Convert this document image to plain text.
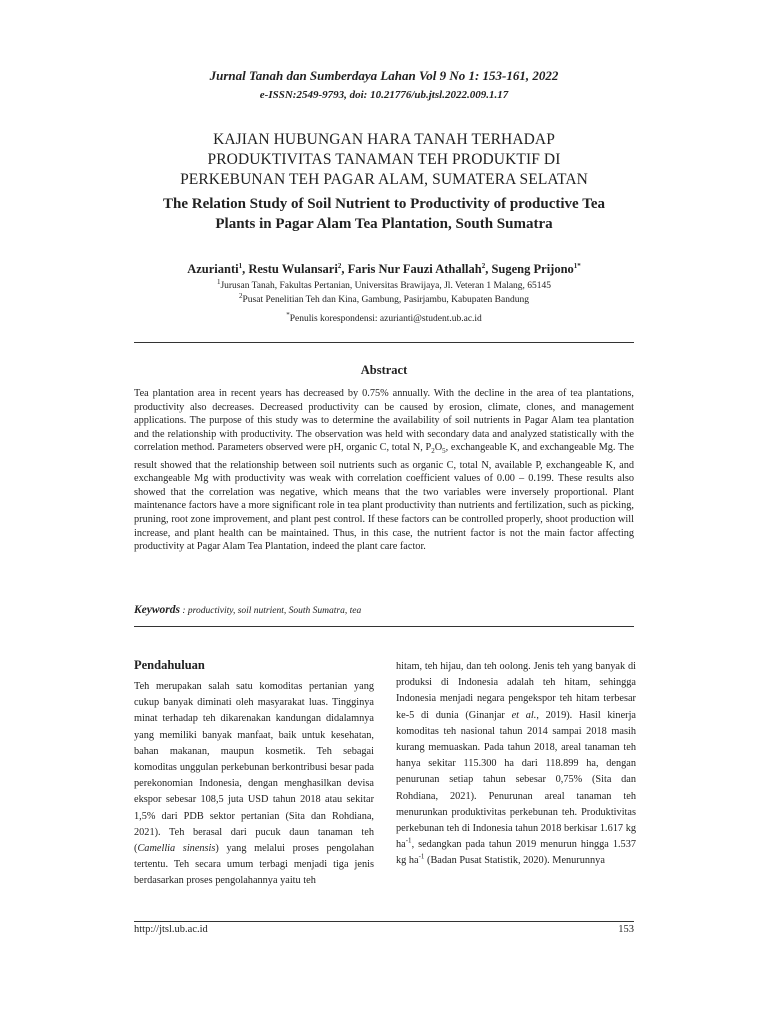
Jurnal Tanah dan Sumberdaya Lahan Vol 9 No 1: 153-161, 2022
e-ISSN:2549-9793, doi: 10.21776/ub.jtsl.2022.009.1.17
KAJIAN HUBUNGAN HARA TANAH TERHADAP
PRODUKTIVITAS TANAMAN TEH PRODUKTIF DI
PERKEBUNAN TEH PAGAR ALAM, SUMATERA SELATAN
The Relation Study of Soil Nutrient to Productivity of productive Tea
Plants in Pagar Alam Tea Plantation, South Sumatra
Azurianti$^1$, Restu Wulansari$^2$, Faris Nur Fauzi Athallah$^2$, Sugeng Prijono$^{1*}$
$^1$Jurusan Tanah, Fakultas Pertanian, Universitas Brawijaya, Jl. Veteran 1 Malang, 65145
$^2$Pusat Penelitian Teh dan Kina, Gambung, Pasirjambu, Kabupaten Bandung
*Penulis korespondensi: azurianti@student.ub.ac.id
Abstract
Tea plantation area in recent years has decreased by 0.75% annually. With the decline in the area of tea plantations, productivity also decreases. Decreased productivity can be caused by erosion, climate, clones, and management applications. The purpose of this study was to determine the availability of soil nutrients in Pagar Alam tea plantation and the relationship with productivity. The observation was held with secondary data and analyzed statistically with the correlation method. Parameters observed were pH, organic C, total N, $P_2O_5$, exchangeable K, and exchangeable Mg. The result showed that the relationship between soil nutrients such as organic C, total N, available P, exchangeable K, and exchangeable Mg with productivity was weak with correlation coefficient values of 0.00 – 0.199. These results also showed that the correlation was negative, which means that the two variables were inversely proportional. Plant maintenance factors have a more significant role in tea plant productivity than nutrients and fertilization, such as picking, pruning, root zone improvement, and plant pest control. If these factors can be controlled properly, shoot production will increase, and plant health can be maintained. Thus, in this case, the nutrient factor is not the main factor affecting productivity at Pagar Alam Tea Plantation, indeed the plant care factor.
Keywords : productivity, soil nutrient, South Sumatra, tea
Pendahuluan
Teh merupakan salah satu komoditas pertanian yang cukup banyak diminati oleh masyarakat luas. Tingginya minat terhadap teh dikarenakan kandungan didalamnya yang memiliki banyak manfaat, baik untuk kesehatan, bahan makanan, maupun kosmetik. Teh sebagai komoditas unggulan perkebunan berkontribusi besar pada perekonomian Indonesia, dengan menghasilkan devisa ekspor sebesar 108,5 juta USD tahun 2018 atau sekitar 1,5% dari PDB sektor pertanian (Sita dan Rohdiana, 2021). Teh berasal dari pucuk daun tanaman teh (Camellia sinensis) yang melalui proses pengolahan tertentu. Teh secara umum terbagi menjadi tiga jenis berdasarkan proses pengolahannya yaitu teh
hitam, teh hijau, dan teh oolong. Jenis teh yang banyak di produksi di Indonesia adalah teh hitam, sehingga Indonesia menjadi negara pengekspor teh hitam terbesar ke-5 di dunia (Ginanjar et al., 2019). Hasil kinerja komoditas teh nasional tahun 2014 sampai 2018 masih kurang memuaskan. Pada tahun 2018, areal tanaman teh hanya sekitar 115.300 ha dari 118.899 ha, dengan penurunan setiap tahun sebesar 0,75% (Sita dan Rohdiana, 2021). Penurunan areal tanaman teh menurunkan produktivitas perkebunan teh. Produktivitas perkebunan teh di Indonesia tahun 2018 berkisar 1.617 kg $ha^{-1}$, sedangkan pada tahun 2019 menurun hingga 1.537 kg $ha^{-1}$ (Badan Pusat Statistik, 2020). Menurunnya
http://jtsl.ub.ac.id	153
